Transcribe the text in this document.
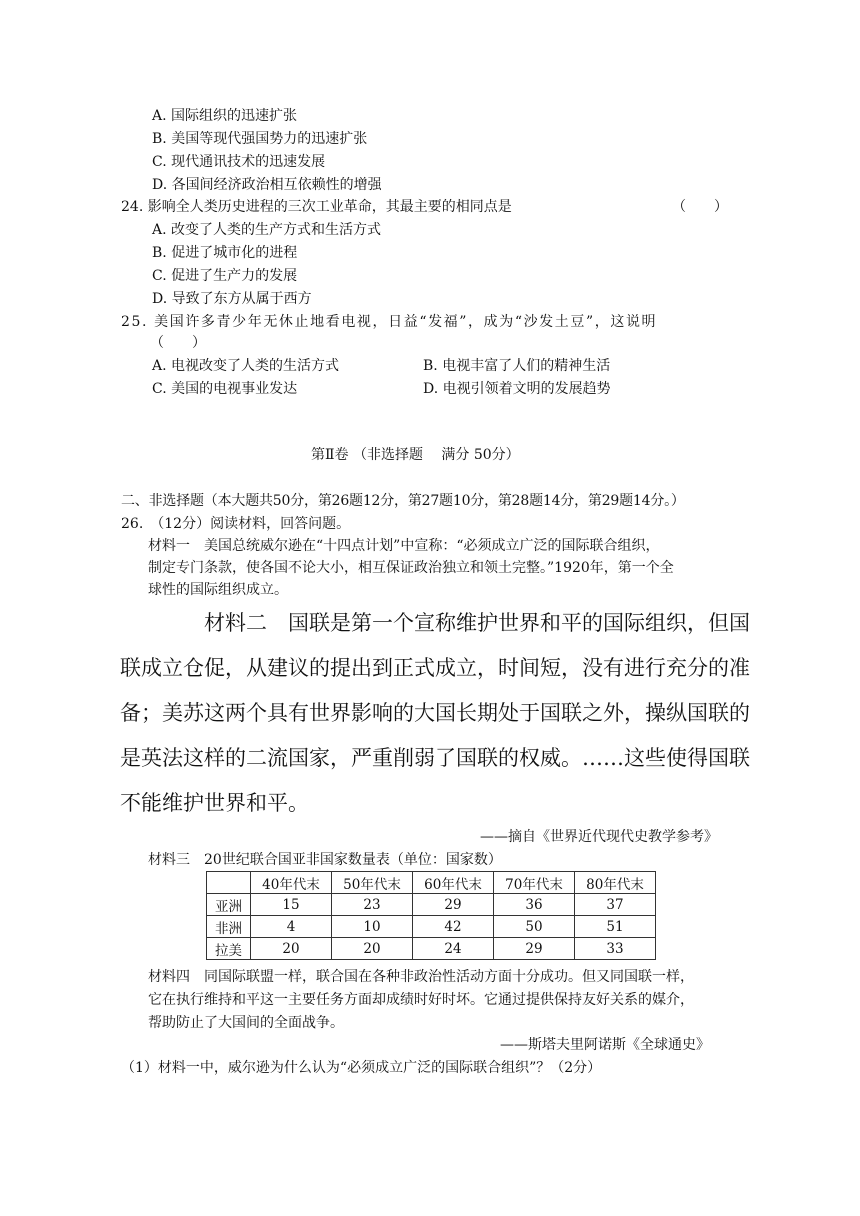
A. 国际组织的迅速扩张
B. 美国等现代强国势力的迅速扩张
C. 现代通讯技术的迅速发展
D. 各国间经济政治相互依赖性的增强
24. 影响全人类历史进程的三次工业革命，其最主要的相同点是	（　　）
A. 改变了人类的生产方式和生活方式
B. 促进了城市化的进程
C. 促进了生产力的发展
D. 导致了东方从属于西方
25. 美国许多青少年无休止地看电视，日益“发福”，成为“沙发土豆”，这说明
（　　）
A. 电视改变了人类的生活方式	B. 电视丰富了人们的精神生活
C. 美国的电视事业发达	D. 电视引领着文明的发展趋势
第Ⅱ卷 （非选择题　 满分 50分）
二、非选择题（本大题共50分，第26题12分，第27题10分，第28题14分，第29题14分。）
26.　（12分）阅读材料，回答问题。
材料一　美国总统威尔逊在“十四点计划”中宣称：“必须成立广泛的国际联合组织，
制定专门条款，使各国不论大小，相互保证政治独立和领土完整。”1920年，第一个全
球性的国际组织成立。
材料二　国联是第一个宣称维护世界和平的国际组织，但国
联成立仓促，从建议的提出到正式成立，时间短，没有进行充分的准
备；美苏这两个具有世界影响的大国长期处于国联之外，操纵国联的
是英法这样的二流国家，严重削弱了国联的权威。……这些使得国联
不能维护世界和平。
——摘自《世界近代现代史教学参考》
材料三　20世纪联合国亚非国家数量表（单位：国家数）
	40年代末	50年代末	60年代末	70年代末	80年代末
亚洲	15	23	29	36	37
非洲	4	10	42	50	51
拉美	20	20	24	29	33
材料四　同国际联盟一样，联合国在各种非政治性活动方面十分成功。但又同国联一样，
它在执行维持和平这一主要任务方面却成绩时好时坏。它通过提供保持友好关系的媒介，
帮助防止了大国间的全面战争。
——斯塔夫里阿诺斯《全球通史》
（1）材料一中，威尔逊为什么认为“必须成立广泛的国际联合组织”？（2分）
